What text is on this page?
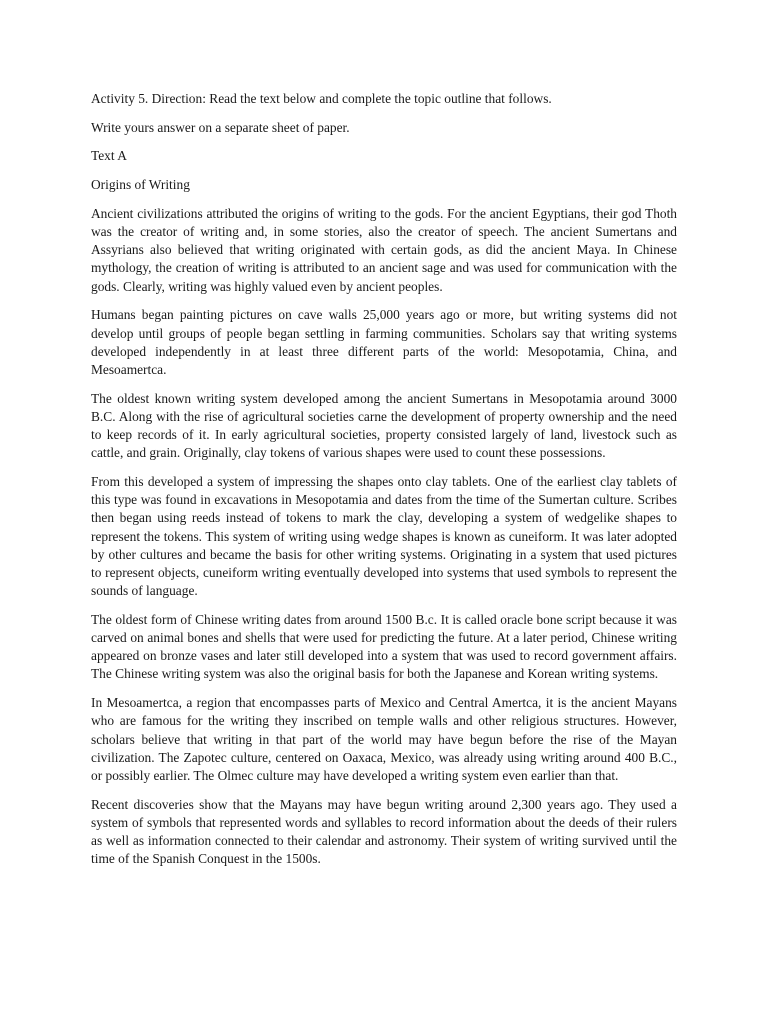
Activity 5. Direction: Read the text below and complete the topic outline that follows.

Write yours answer on a separate sheet of paper.

Text A

Origins of Writing

Ancient civilizations attributed the origins of writing to the gods. For the ancient Egyptians, their god Thoth was the creator of writing and, in some stories, also the creator of speech. The ancient Sumertans and Assyrians also believed that writing originated with certain gods, as did the ancient Maya. In Chinese mythology, the creation of writing is attributed to an ancient sage and was used for communication with the gods. Clearly, writing was highly valued even by ancient peoples.

Humans began painting pictures on cave walls 25,000 years ago or more, but writing systems did not develop until groups of people began settling in farming communities. Scholars say that writing systems developed independently in at least three different parts of the world: Mesopotamia, China, and Mesoamertca.

The oldest known writing system developed among the ancient Sumertans in Mesopotamia around 3000 B.C. Along with the rise of agricultural societies carne the development of property ownership and the need to keep records of it. In early agricultural societies, property consisted largely of land, livestock such as cattle, and grain. Originally, clay tokens of various shapes were used to count these possessions.

From this developed a system of impressing the shapes onto clay tablets. One of the earliest clay tablets of this type was found in excavations in Mesopotamia and dates from the time of the Sumertan culture. Scribes then began using reeds instead of tokens to mark the clay, developing a system of wedgelike shapes to represent the tokens. This system of writing using wedge shapes is known as cuneiform. It was later adopted by other cultures and became the basis for other writing systems. Originating in a system that used pictures to represent objects, cuneiform writing eventually developed into systems that used symbols to represent the sounds of language.

The oldest form of Chinese writing dates from around 1500 B.c. It is called oracle bone script because it was carved on animal bones and shells that were used for predicting the future. At a later period, Chinese writing appeared on bronze vases and later still developed into a system that was used to record government affairs. The Chinese writing system was also the original basis for both the Japanese and Korean writing systems.

In Mesoamertca, a region that encompasses parts of Mexico and Central Amertca, it is the ancient Mayans who are famous for the writing they inscribed on temple walls and other religious structures. However, scholars believe that writing in that part of the world may have begun before the rise of the Mayan civilization. The Zapotec culture, centered on Oaxaca, Mexico, was already using writing around 400 B.C., or possibly earlier. The Olmec culture may have developed a writing system even earlier than that.

Recent discoveries show that the Mayans may have begun writing around 2,300 years ago. They used a system of symbols that represented words and syllables to record information about the deeds of their rulers as well as information connected to their calendar and astronomy. Their system of writing survived until the time of the Spanish Conquest in the 1500s.
